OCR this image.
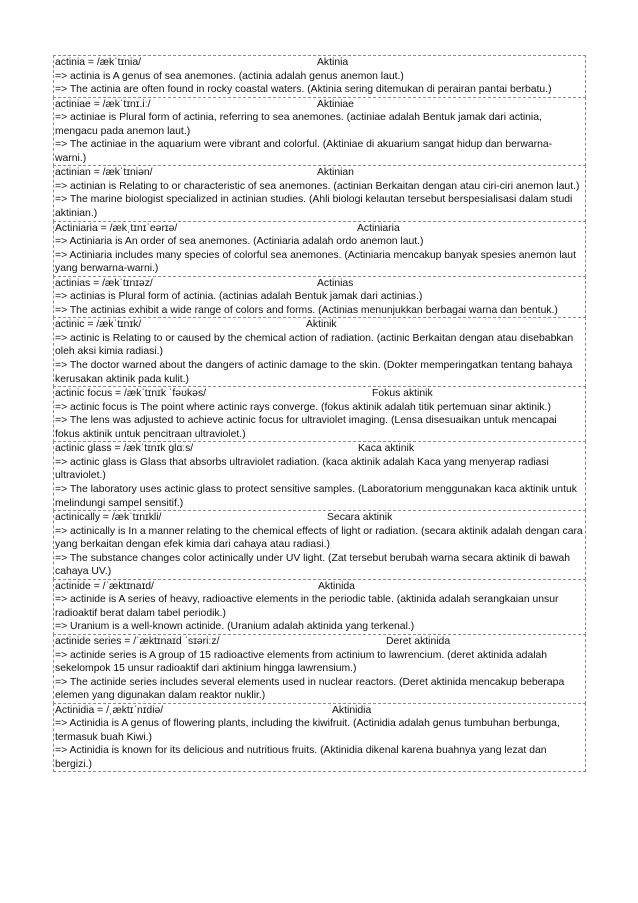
actinia = /ækˈtɪnia/	Aktinia
=> actinia is A genus of sea anemones. (actinia adalah genus anemon laut.)
=> The actinia are often found in rocky coastal waters. (Aktinia sering ditemukan di perairan pantai berbatu.)
actiniae = /ækˈtɪnɪ.iː/	Aktiniae
=> actiniae is Plural form of actinia, referring to sea anemones. (actiniae adalah Bentuk jamak dari actinia, mengacu pada anemon laut.)
=> The actiniae in the aquarium were vibrant and colorful. (Aktiniae di akuarium sangat hidup dan berwarna-warni.)
actinian = /ækˈtɪniən/	Aktinian
=> actinian is Relating to or characteristic of sea anemones. (actinian Berkaitan dengan atau ciri-ciri anemon laut.)
=> The marine biologist specialized in actinian studies. (Ahli biologi kelautan tersebut berspesialisasi dalam studi aktinian.)
Actiniaria = /ækˌtɪnɪˈeərɪə/	Actiniaria
=> Actiniaria is An order of sea anemones. (Actiniaria adalah ordo anemon laut.)
=> Actiniaria includes many species of colorful sea anemones. (Actiniaria mencakup banyak spesies anemon laut yang berwarna-warni.)
actinias = /ækˈtɪnɪəz/	Actinias
=> actinias is Plural form of actinia. (actinias adalah Bentuk jamak dari actinias.)
=> The actinias exhibit a wide range of colors and forms. (Actinias menunjukkan berbagai warna dan bentuk.)
actinic = /ækˈtɪnɪk/	Aktinik
=> actinic is Relating to or caused by the chemical action of radiation. (actinic Berkaitan dengan atau disebabkan oleh aksi kimia radiasi.)
=> The doctor warned about the dangers of actinic damage to the skin. (Dokter memperingatkan tentang bahaya kerusakan aktinik pada kulit.)
actinic focus = /ækˈtɪnɪk ˈfəʊkəs/	Fokus aktinik
=> actinic focus is The point where actinic rays converge. (fokus aktinik adalah titik pertemuan sinar aktinik.)
=> The lens was adjusted to achieve actinic focus for ultraviolet imaging. (Lensa disesuaikan untuk mencapai fokus aktinik untuk pencitraan ultraviolet.)
actinic glass = /ækˈtɪnɪk glɑːs/	Kaca aktinik
=> actinic glass is Glass that absorbs ultraviolet radiation. (kaca aktinik adalah Kaca yang menyerap radiasi ultraviolet.)
=> The laboratory uses actinic glass to protect sensitive samples. (Laboratorium menggunakan kaca aktinik untuk melindungi sampel sensitif.)
actinically = /ækˈtɪnɪkli/	Secara aktinik
=> actinically is In a manner relating to the chemical effects of light or radiation. (secara aktinik adalah dengan cara yang berkaitan dengan efek kimia dari cahaya atau radiasi.)
=> The substance changes color actinically under UV light. (Zat tersebut berubah warna secara aktinik di bawah cahaya UV.)
actinide = /ˈæktɪnaɪd/	Aktinida
=> actinide is A series of heavy, radioactive elements in the periodic table. (aktinida adalah serangkaian unsur radioaktif berat dalam tabel periodik.)
=> Uranium is a well-known actinide. (Uranium adalah aktinida yang terkenal.)
actinide series = /ˈæktɪnaɪd ˈsɪəriːz/	Deret aktinida
=> actinide series is A group of 15 radioactive elements from actinium to lawrencium. (deret aktinida adalah sekelompok 15 unsur radioaktif dari aktinium hingga lawrensium.)
=> The actinide series includes several elements used in nuclear reactors. (Deret aktinida mencakup beberapa elemen yang digunakan dalam reaktor nuklir.)
Actinidia = /ˌæktɪˈnɪdiə/	Aktinidia
=> Actinidia is A genus of flowering plants, including the kiwifruit. (Actinidia adalah genus tumbuhan berbunga, termasuk buah Kiwi.)
=> Actinidia is known for its delicious and nutritious fruits. (Aktinidia dikenal karena buahnya yang lezat dan bergizi.)
